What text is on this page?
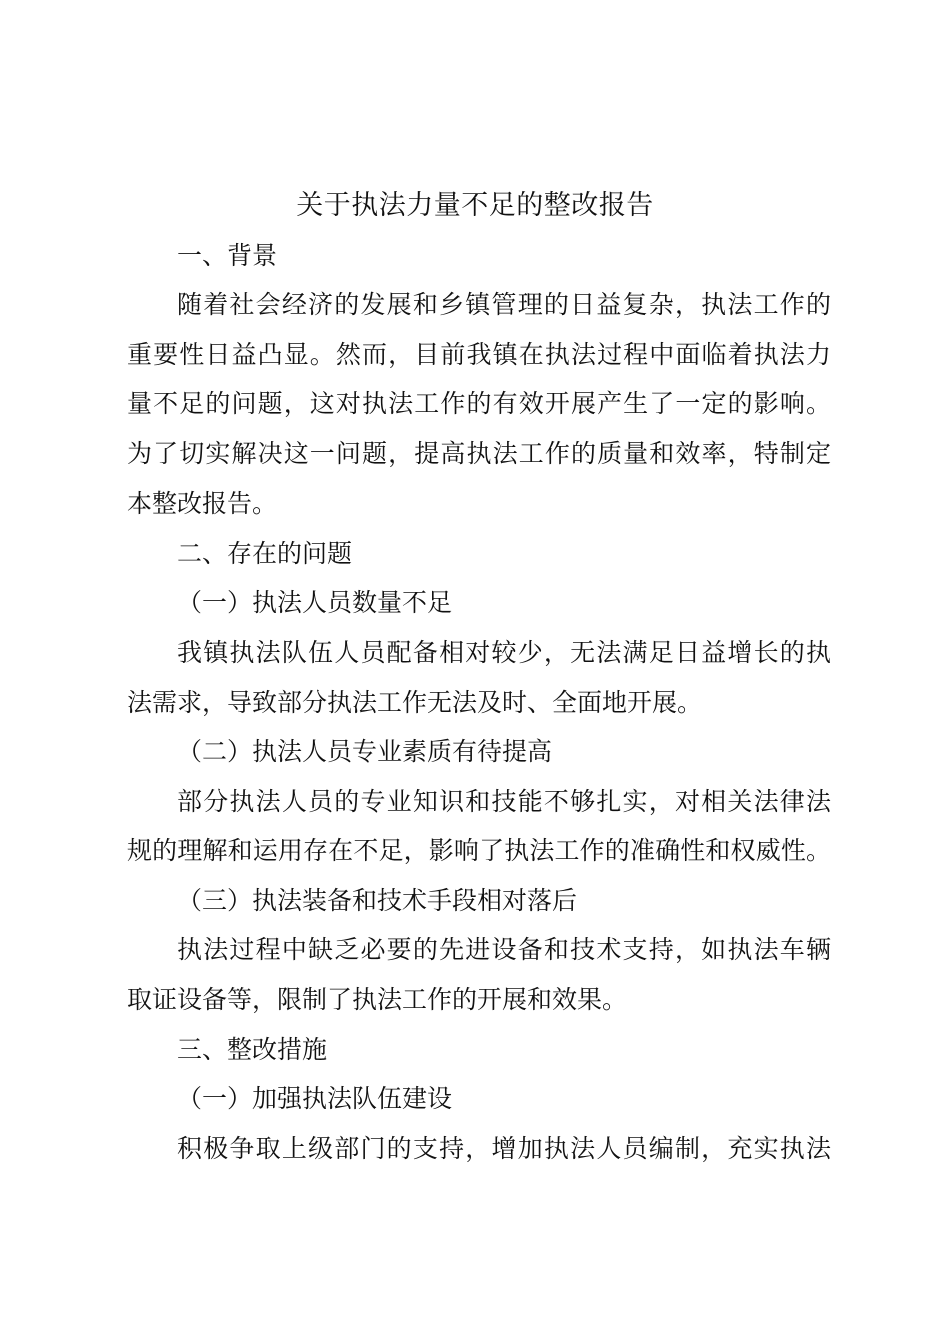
关于执法力量不足的整改报告
一、背景
随着社会经济的发展和乡镇管理的日益复杂，执法工作的
重要性日益凸显。然而，目前我镇在执法过程中面临着执法力
量不足的问题，这对执法工作的有效开展产生了一定的影响。
为了切实解决这一问题，提高执法工作的质量和效率，特制定
本整改报告。
二、存在的问题
（一）执法人员数量不足
我镇执法队伍人员配备相对较少，无法满足日益增长的执
法需求，导致部分执法工作无法及时、全面地开展。
（二）执法人员专业素质有待提高
部分执法人员的专业知识和技能不够扎实，对相关法律法
规的理解和运用存在不足，影响了执法工作的准确性和权威性。
（三）执法装备和技术手段相对落后
执法过程中缺乏必要的先进设备和技术支持，如执法车辆
取证设备等，限制了执法工作的开展和效果。
三、整改措施
（一）加强执法队伍建设
积极争取上级部门的支持，增加执法人员编制，充实执法
